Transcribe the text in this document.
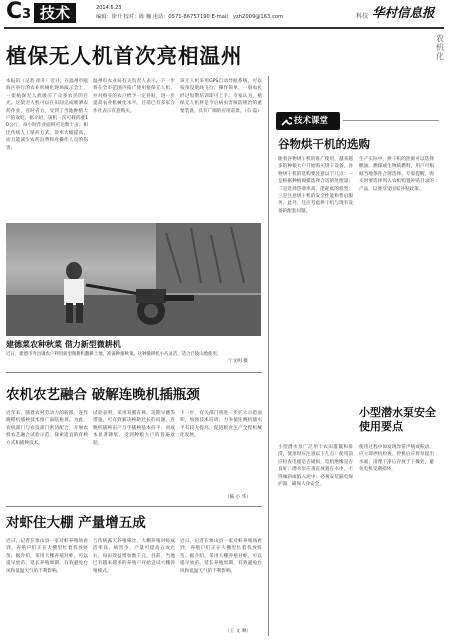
C 3 技术	2014.6.23
编辑：徐升 校对：陈 巍 电话：0571-86757190 E-mail：yzh2009@163.com	科技 华村信息报
农机化
植保无人机首次亮相温州
本报讯（记者 徐升）近日，在温州市瓯海区举行的农业机械化现场演示会上，一架植保无人机吸引了众多农民的目光。这架无人机可以在田间完成喷洒农药作业，省时省力，受到了当地种植大户的欢迎。据介绍，该机一次可载药液10公斤，每小时作业面积可达数十亩。相比传统人工喷药方式，效率大幅提高，而且能减少农药浪费和对操作人员的伤害。
温州市农业局有关负责人表示，下一步将在全市范围内推广使用植保无人机，并对购买的农户给予一定补贴，进一步提高农业机械化水平。目前已有多家合作社表示有意购买。
该无人机采用GPS自动导航系统，可以按预设航线飞行，操作简单，一般农民经过短期培训即可上手。专家认为，植保无人机将是今后病虫害统防统治的重要装备，具有广阔的应用前景。（石 磊）
建德菜农种秋菜 借力新型微耕机
近日，建德市寿昌镇农户利用新型微耕机翻耕土地，准备种植秋菜。这种微耕机小巧灵活，适合丘陵山地使用。
宁文明 摄
技术课堂
谷物烘干机的选购
随着谷物烘干机的推广使用，越来越多的种粮大户开始购买烘干设备。谷物烘干机的选购要注意以下几点：一是根据种植规模选择合适的处理量；二是选择热效率高、能耗低的机型；三是注意烘干机的安全性能和售后服务。此外，还应考虑烘干机与现有设备的配套问题。
生产实际中，烘干机的热源可以选择燃油、燃煤或生物质燃料，用户可根据当地条件合理选择。专家提醒，购买时要选择列入农机购置补贴目录的产品，以便享受国家补贴政策。
小型潜水泵安全使用要点
小型潜水泵广泛用于农田灌溉和排涝，使用时应注意以下几点：使用前应检查电缆是否破损，电机绝缘是否良好；潜水泵应垂直放置在水中，不得倾斜或陷入泥中；必须安装漏电保护器，确保人身安全。
使用过程中如发现异常声响或振动，应立即停机检查。停机后应将泵提出水面，清理干净后存放于干燥处，避免电机受潮损坏。
农机农艺融合 破解连晚机插瓶颈
近年来，随着农村劳动力的转移，连作晚稻机插秧技术推广面临瓶颈。为此，农机部门与农技部门密切配合，开展农机农艺融合试验示范，探索适宜的育秧方式和插秧技术。
试验表明，采用双膜育秧、适期早播等措施，可有效解决秧龄过长的问题，连晚机插秧亩产与手插秧基本持平，而成本显著降低，受到种粮大户的普遍欢迎。
下一步，有关部门将进一步扩大示范面积，加强技术培训，力争使连晚机插水平有较大提高，促进粮食生产全程机械化发展。
（陈 小 华）
对虾住大棚 产量增五成
近日，记者在象山县一家对虾养殖场看到，养殖户们正在大棚里忙着投放虾苗。据介绍，采用大棚养殖对虾，可以提早放苗、延长养殖周期，有效避免台风和低温天气的不利影响。
与传统露天养殖相比，大棚养殖对虾成活率高、病害少、产量可提高五成左右，每亩效益增加数千元。目前，当地已有越来越多的养殖户开始尝试大棚养殖模式。
近日，记者在象山县一家对虾养殖场看到，养殖户们正在大棚里忙着投放虾苗。据介绍，采用大棚养殖对虾，可以提早放苗、延长养殖周期，有效避免台风和低温天气的不利影响。
（王 文 琳）
